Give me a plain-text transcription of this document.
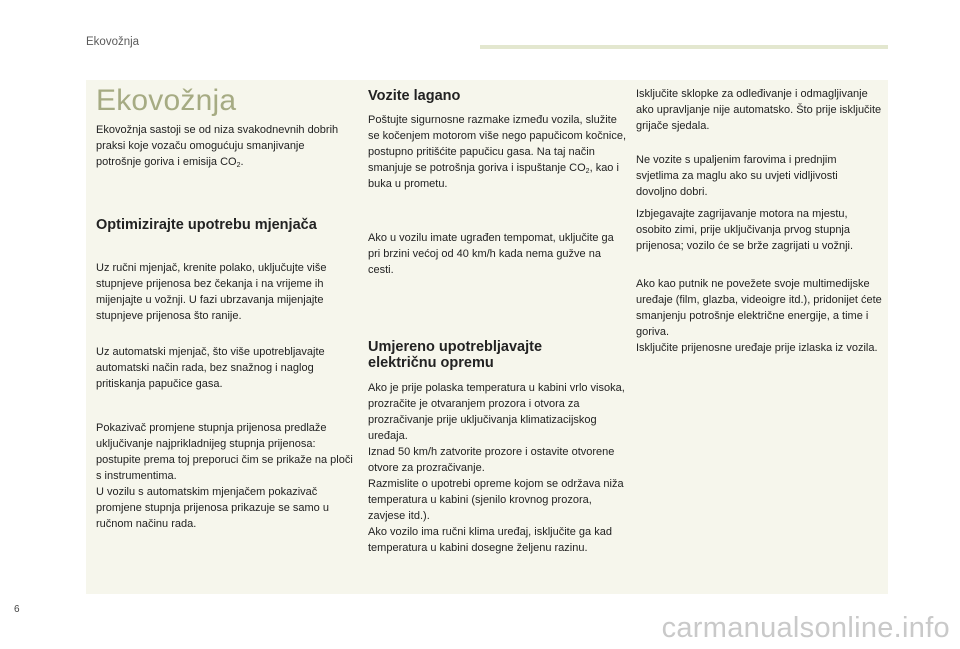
Ekovožnja
Ekovožnja

Ekovožnja sastoji se od niza svakodnevnih dobrih praksi koje vozaču omogućuju smanjivanje potrošnje goriva i emisija $CO_2$.

Optimizirajte upotrebu mjenjača

Uz ručni mjenjač, krenite polako, uključujte više stupnjeve prijenosa bez čekanja i na vrijeme ih mijenjajte u vožnji. U fazi ubrzavanja mijenjajte stupnjeve prijenosa što ranije.

Uz automatski mjenjač, što više upotrebljavajte automatski način rada, bez snažnog i naglog pritiskanja papučice gasa.

Pokazivač promjene stupnja prijenosa predlaže uključivanje najprikladnijeg stupnja prijenosa: postupite prema toj preporuci čim se prikaže na ploči s instrumentima.
U vozilu s automatskim mjenjačem pokazivač promjene stupnja prijenosa prikazuje se samo u ručnom načinu rada.

Vozite lagano

Poštujte sigurnosne razmake između vozila, služite se kočenjem motorom više nego papučicom kočnice, postupno pritišćite papučicu gasa. Na taj način smanjuje se potrošnja goriva i ispuštanje $CO_2$, kao i buka u prometu.

Ako u vozilu imate ugrađen tempomat, uključite ga pri brzini većoj od 40 km/h kada nema gužve na cesti.

Umjereno upotrebljavajte električnu opremu

Ako je prije polaska temperatura u kabini vrlo visoka, prozračite je otvaranjem prozora i otvora za prozračivanje prije uključivanja klimatizacijskog uređaja.
Iznad 50 km/h zatvorite prozore i ostavite otvorene otvore za prozračivanje.
Razmislite o upotrebi opreme kojom se održava niža temperatura u kabini (sjenilo krovnog prozora, zavjese itd.).
Ako vozilo ima ručni klima uređaj, isključite ga kad temperatura u kabini dosegne željenu razinu.

Isključite sklopke za odleđivanje i odmagljivanje ako upravljanje nije automatsko. Što prije isključite grijače sjedala.

Ne vozite s upaljenim farovima i prednjim svjetlima za maglu ako su uvjeti vidljivosti dovoljno dobri.

Izbjegavajte zagrijavanje motora na mjestu, osobito zimi, prije uključivanja prvog stupnja prijenosa; vozilo će se brže zagrijati u vožnji.

Ako kao putnik ne povežete svoje multimedijske uređaje (film, glazba, videoigre itd.), pridonijet ćete smanjenju potrošnje električne energije, a time i goriva.
Isključite prijenosne uređaje prije izlaska iz vozila.

6
carmanualsonline.info
